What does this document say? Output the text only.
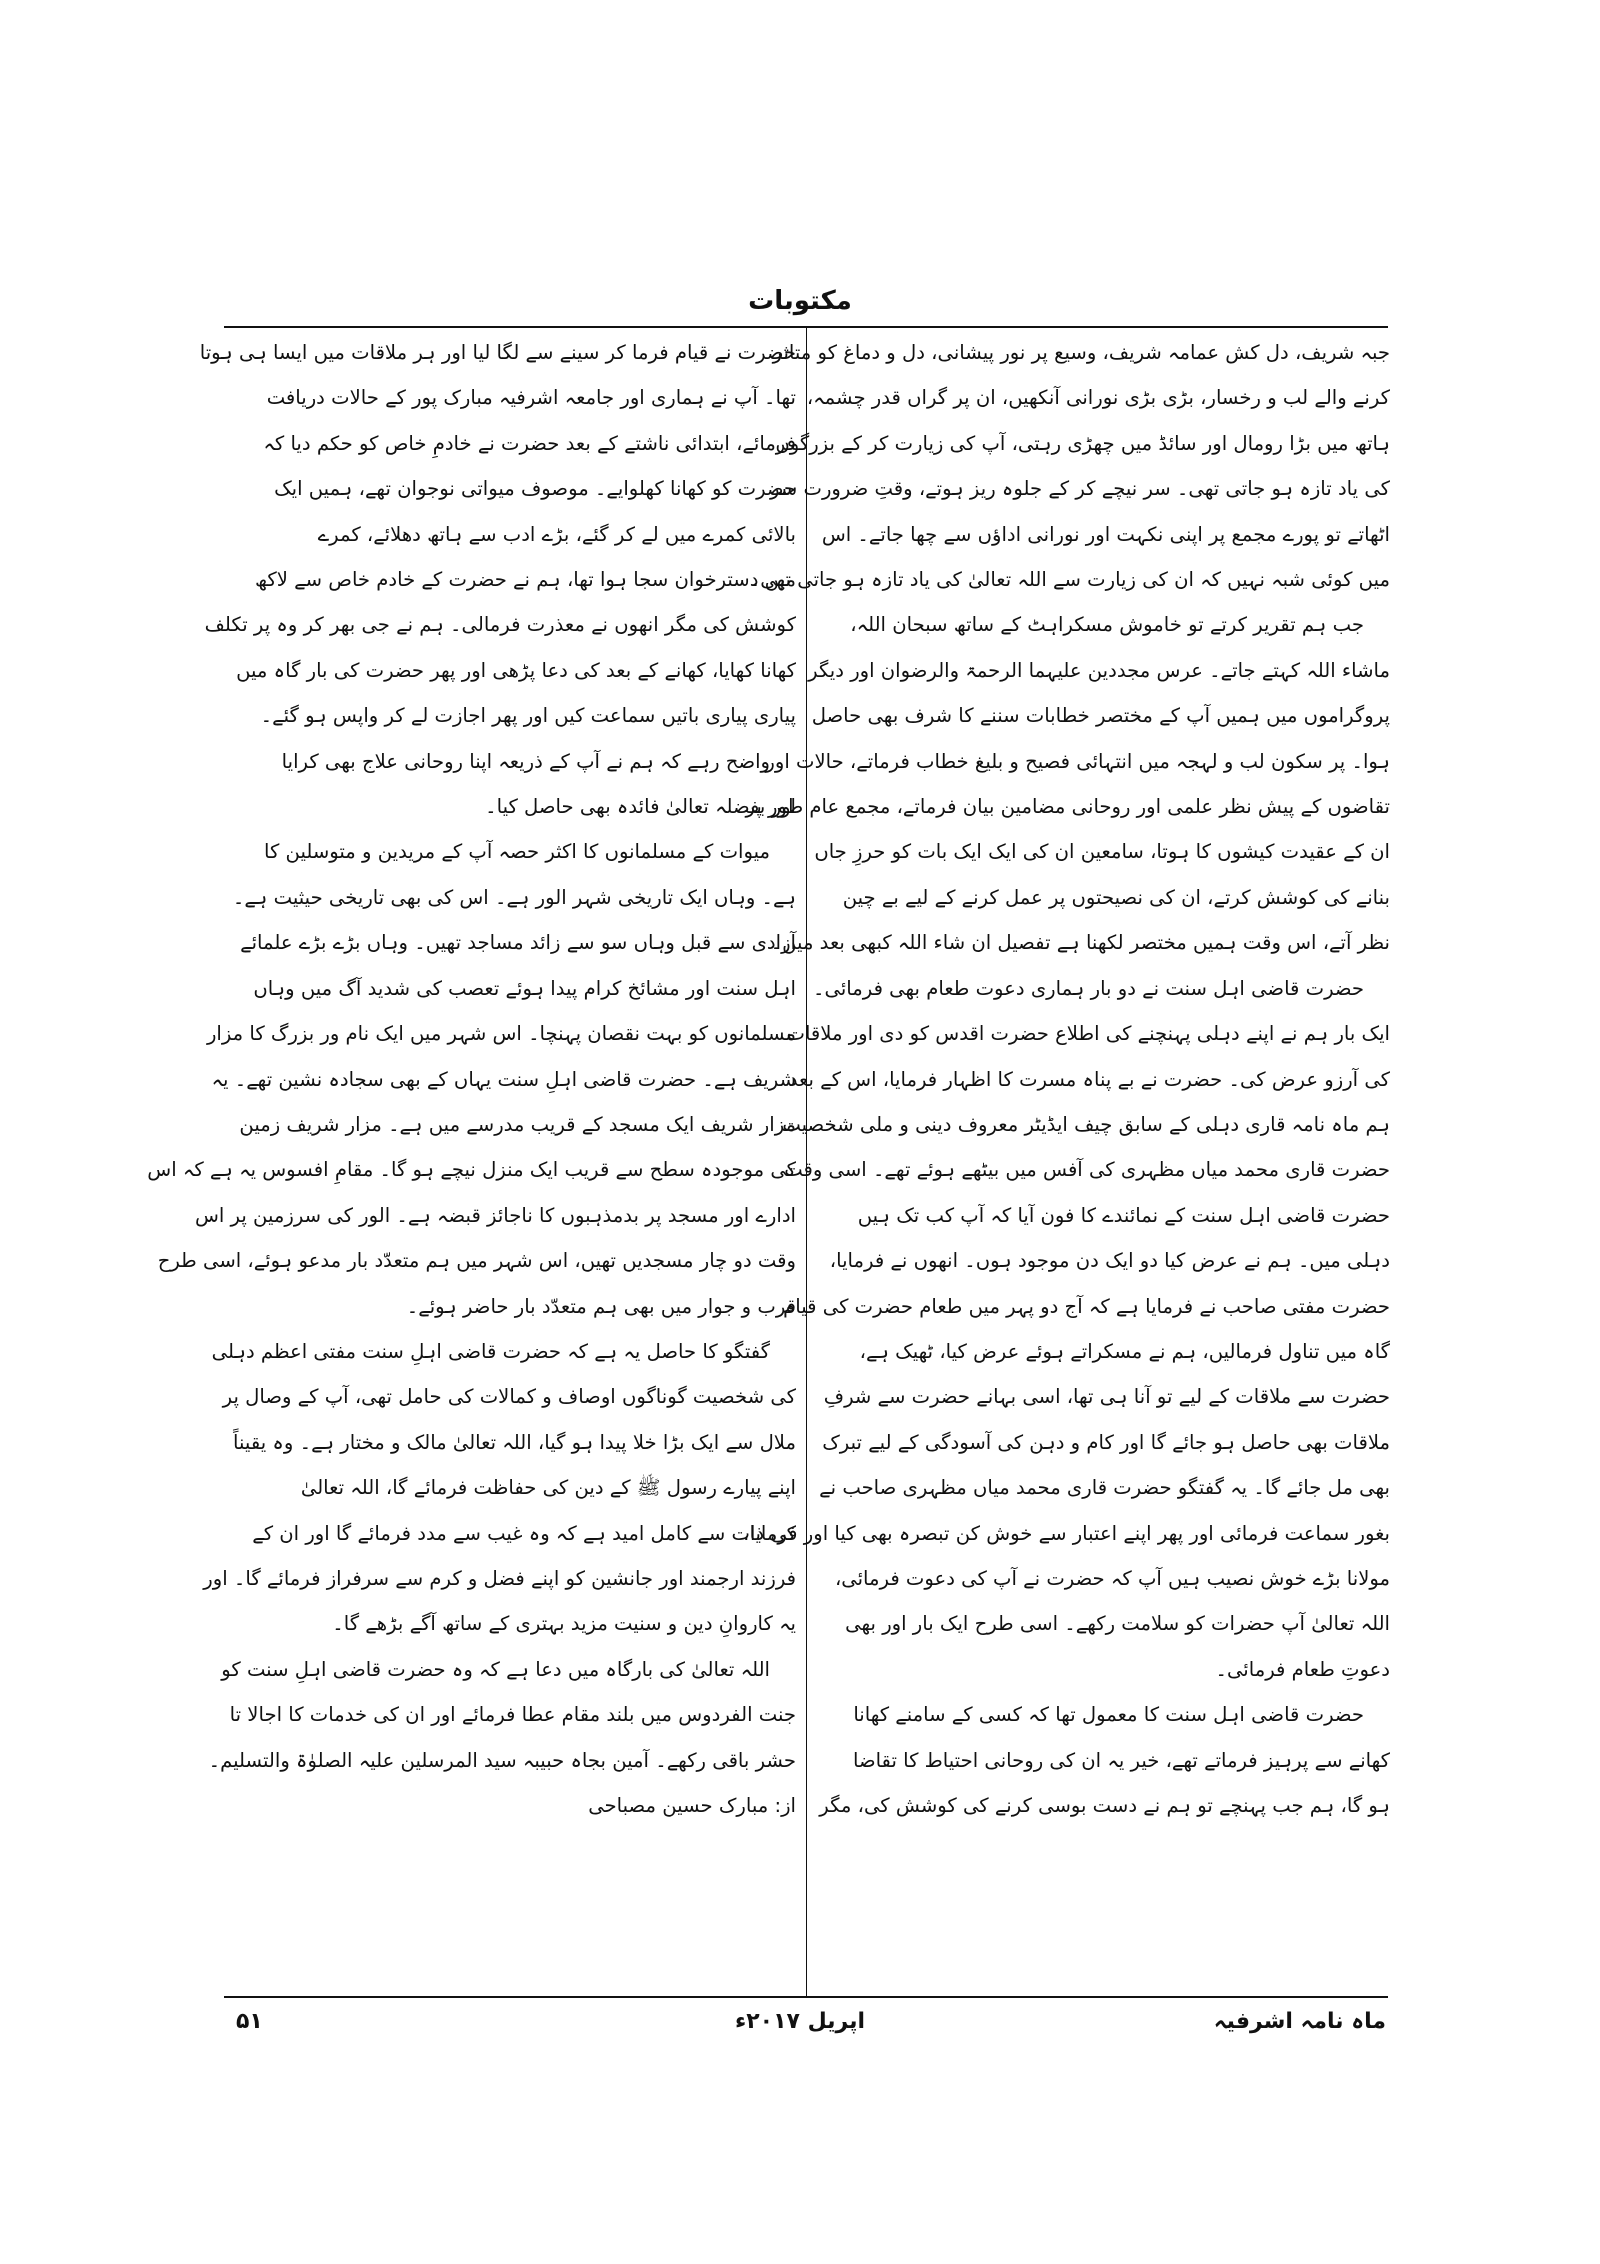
مکتوبات

جبہ شریف، دل کش عمامہ شریف، وسیع پر نور پیشانی، دل و دماغ کو متاثر

کرنے والے لب و رخسار، بڑی بڑی نورانی آنکھیں، ان پر گراں قدر چشمہ،

ہاتھ میں بڑا رومال اور سائڈ میں چھڑی رہتی، آپ کی زیارت کر کے بزرگوں

کی یاد تازہ ہو جاتی تھی۔ سر نیچے کر کے جلوہ ریز ہوتے، وقتِ ضرورت سر

اٹھاتے تو پورے مجمع پر اپنی نکہت اور نورانی اداؤں سے چھا جاتے۔ اس

میں کوئی شبہ نہیں کہ ان کی زیارت سے اللہ تعالیٰ کی یاد تازہ ہو جاتی تھی۔

جب ہم تقریر کرتے تو خاموش مسکراہٹ کے ساتھ سبحان اللہ،

ماشاء اللہ کہتے جاتے۔ عرس مجددین علیہما الرحمۃ والرضوان اور دیگر

پروگراموں میں ہمیں آپ کے مختصر خطابات سننے کا شرف بھی حاصل

ہوا۔ پر سکون لب و لہجہ میں انتہائی فصیح و بلیغ خطاب فرماتے، حالات اور

تقاضوں کے پیش نظر علمی اور روحانی مضامین بیان فرماتے، مجمع عام طور پر

ان کے عقیدت کیشوں کا ہوتا، سامعین ان کی ایک ایک بات کو حرزِ جاں

بنانے کی کوشش کرتے، ان کی نصیحتوں پر عمل کرنے کے لیے بے چین

نظر آتے، اس وقت ہمیں مختصر لکھنا ہے تفصیل ان شاء اللہ کبھی بعد میں۔

حضرت قاضی اہل سنت نے دو بار ہماری دعوت طعام بھی فرمائی۔

ایک بار ہم نے اپنے دہلی پہنچنے کی اطلاع حضرت اقدس کو دی اور ملاقات

کی آرزو عرض کی۔ حضرت نے بے پناہ مسرت کا اظہار فرمایا، اس کے بعد

ہم ماہ نامہ قاری دہلی کے سابق چیف ایڈیٹر معروف دینی و ملی شخصیت

حضرت قاری محمد میاں مظہری کی آفس میں بیٹھے ہوئے تھے۔ اسی وقت

حضرت قاضی اہل سنت کے نمائندے کا فون آیا کہ آپ کب تک ہیں

دہلی میں۔ ہم نے عرض کیا دو ایک دن موجود ہوں۔ انھوں نے فرمایا،

حضرت مفتی صاحب نے فرمایا ہے کہ آج دو پہر میں طعام حضرت کی قیام

گاہ میں تناول فرمالیں، ہم نے مسکراتے ہوئے عرض کیا، ٹھیک ہے،

حضرت سے ملاقات کے لیے تو آنا ہی تھا، اسی بہانے حضرت سے شرفِ

ملاقات بھی حاصل ہو جائے گا اور کام و دہن کی آسودگی کے لیے تبرک

بھی مل جائے گا۔ یہ گفتگو حضرت قاری محمد میاں مظہری صاحب نے

بغور سماعت فرمائی اور پھر اپنے اعتبار سے خوش کن تبصرہ بھی کیا اور فرمایا،

مولانا بڑے خوش نصیب ہیں آپ کہ حضرت نے آپ کی دعوت فرمائی،

اللہ تعالیٰ آپ حضرات کو سلامت رکھے۔ اسی طرح ایک بار اور بھی

دعوتِ طعام فرمائی۔

حضرت قاضی اہل سنت کا معمول تھا کہ کسی کے سامنے کھانا

کھانے سے پرہیز فرماتے تھے، خیر یہ ان کی روحانی احتیاط کا تقاضا

ہو گا، ہم جب پہنچے تو ہم نے دست بوسی کرنے کی کوشش کی، مگر

حضرت نے قیام فرما کر سینے سے لگا لیا اور ہر ملاقات میں ایسا ہی ہوتا

تھا۔ آپ نے ہماری اور جامعہ اشرفیہ مبارک پور کے حالات دریافت

فرمائے، ابتدائی ناشتے کے بعد حضرت نے خادمِ خاص کو حکم دیا کہ

حضرت کو کھانا کھلوایے۔ موصوف میواتی نوجوان تھے، ہمیں ایک

بالائی کمرے میں لے کر گئے، بڑے ادب سے ہاتھ دھلائے، کمرے

میں دسترخوان سجا ہوا تھا، ہم نے حضرت کے خادم خاص سے لاکھ

کوشش کی مگر انھوں نے معذرت فرمالی۔ ہم نے جی بھر کر وہ پر تکلف

کھانا کھایا، کھانے کے بعد کی دعا پڑھی اور پھر حضرت کی بار گاہ میں

پیاری پیاری باتیں سماعت کیں اور پھر اجازت لے کر واپس ہو گئے۔

واضح رہے کہ ہم نے آپ کے ذریعہ اپنا روحانی علاج بھی کرایا

اور بفضلہ تعالیٰ فائدہ بھی حاصل کیا۔

میوات کے مسلمانوں کا اکثر حصہ آپ کے مریدین و متوسلین کا

ہے۔ وہاں ایک تاریخی شہر الور ہے۔ اس کی بھی تاریخی حیثیت ہے۔

آزادی سے قبل وہاں سو سے زائد مساجد تھیں۔ وہاں بڑے بڑے علمائے

اہل سنت اور مشائخ کرام پیدا ہوئے تعصب کی شدید آگ میں وہاں

مسلمانوں کو بہت نقصان پہنچا۔ اس شہر میں ایک نام ور بزرگ کا مزار

شریف ہے۔ حضرت قاضی اہلِ سنت یہاں کے بھی سجادہ نشین تھے۔ یہ

مزار شریف ایک مسجد کے قریب مدرسے میں ہے۔ مزار شریف زمین

کی موجودہ سطح سے قریب ایک منزل نیچے ہو گا۔ مقامِ افسوس یہ ہے کہ اس

ادارے اور مسجد پر بدمذہبوں کا ناجائز قبضہ ہے۔ الور کی سرزمین پر اس

وقت دو چار مسجدیں تھیں، اس شہر میں ہم متعدّد بار مدعو ہوئے، اسی طرح

قرب و جوار میں بھی ہم متعدّد بار حاضر ہوئے۔

گفتگو کا حاصل یہ ہے کہ حضرت قاضی اہلِ سنت مفتی اعظم دہلی

کی شخصیت گوناگوں اوصاف و کمالات کی حامل تھی، آپ کے وصال پر

ملال سے ایک بڑا خلا پیدا ہو گیا، اللہ تعالیٰ مالک و مختار ہے۔ وہ یقیناً

اپنے پیارے رسول ﷺ کے دین کی حفاظت فرمائے گا، اللہ تعالیٰ

کی ذات سے کامل امید ہے کہ وہ غیب سے مدد فرمائے گا اور ان کے

فرزند ارجمند اور جانشین کو اپنے فضل و کرم سے سرفراز فرمائے گا۔ اور

یہ کاروانِ دین و سنیت مزید بہتری کے ساتھ آگے بڑھے گا۔

اللہ تعالیٰ کی بارگاہ میں دعا ہے کہ وہ حضرت قاضی اہلِ سنت کو

جنت الفردوس میں بلند مقام عطا فرمائے اور ان کی خدمات کا اجالا تا

حشر باقی رکھے۔ آمین بجاہ حبیبہ سید المرسلین علیہ الصلوٰۃ والتسلیم۔

از: مبارک حسین مصباحی

ماہ نامہ اشرفیہ
اپریل ۲۰۱۷ء
۵۱
